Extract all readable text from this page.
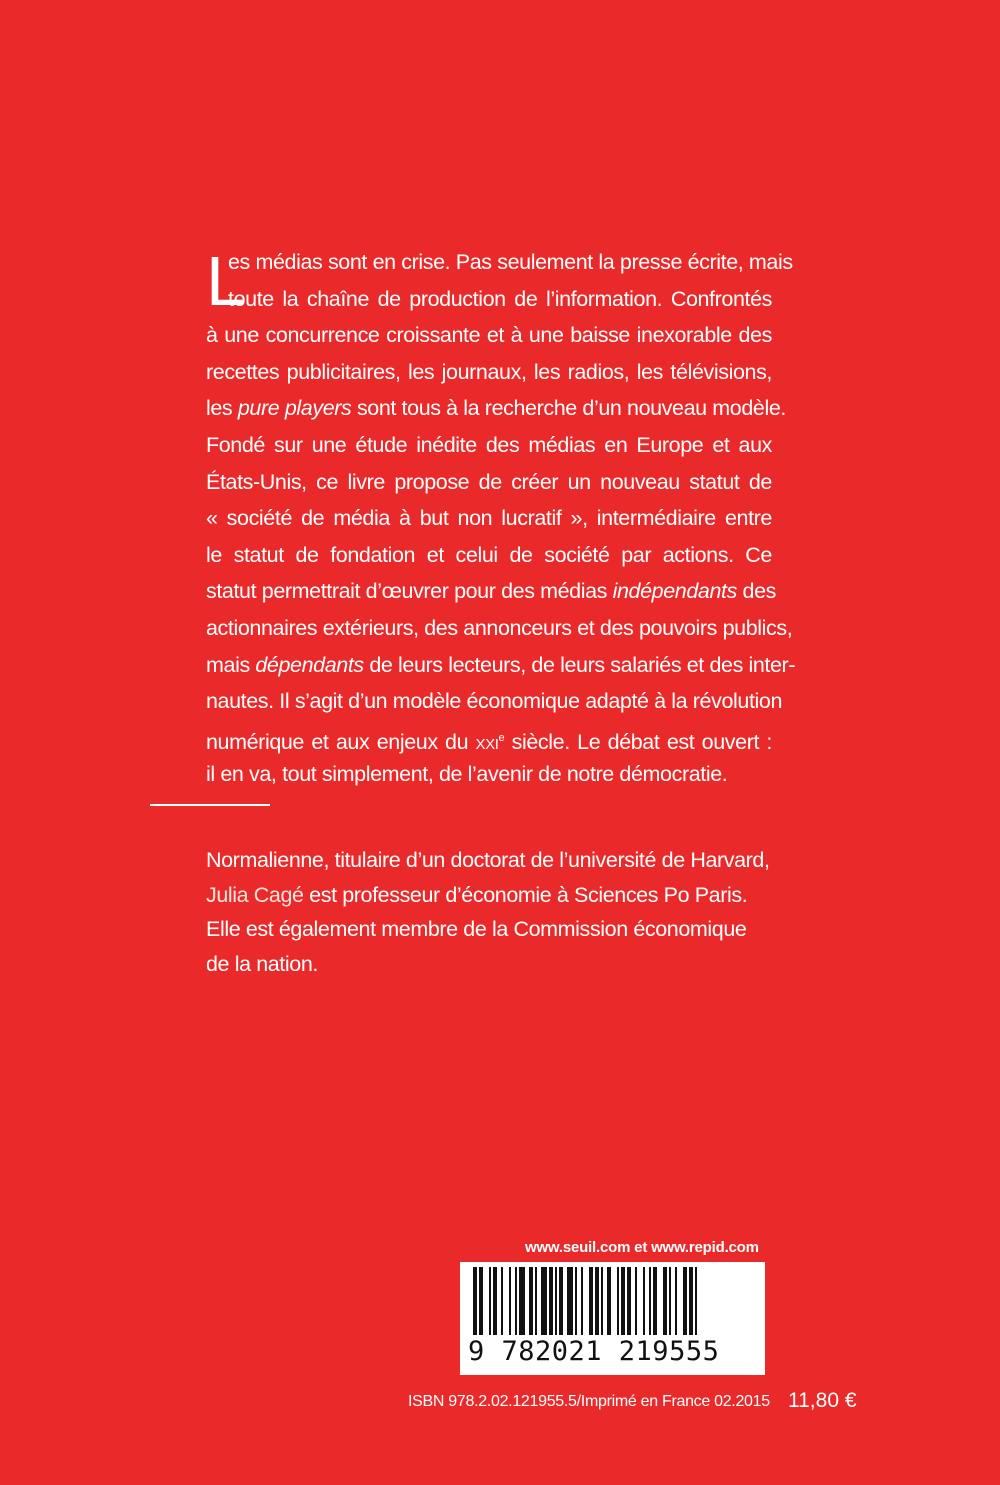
L
es médias sont en crise. Pas seulement la presse écrite, mais
toute la chaîne de production de l’information. Confrontés
à une concurrence croissante et à une baisse inexorable des
recettes publicitaires, les journaux, les radios, les télévisions,
les pure players sont tous à la recherche d’un nouveau modèle.
Fondé sur une étude inédite des médias en Europe et aux
États-Unis, ce livre propose de créer un nouveau statut de
« société de média à but non lucratif », intermédiaire entre
le statut de fondation et celui de société par actions. Ce
statut permettrait d’œuvrer pour des médias indépendants des
actionnaires extérieurs, des annonceurs et des pouvoirs publics,
mais dépendants de leurs lecteurs, de leurs salariés et des inter-
nautes. Il s’agit d’un modèle économique adapté à la révolution
numérique et aux enjeux du XXIe siècle. Le débat est ouvert :
il en va, tout simplement, de l’avenir de notre démocratie.
Normalienne, titulaire d’un doctorat de l’université de Harvard,
Julia Cagé est professeur d’économie à Sciences Po Paris.
Elle est également membre de la Commission économique
de la nation.
www.seuil.com et www.repid.com
9 782021 219555
ISBN 978.2.02.121955.5/Imprimé en France 02.2015 11,80 €
